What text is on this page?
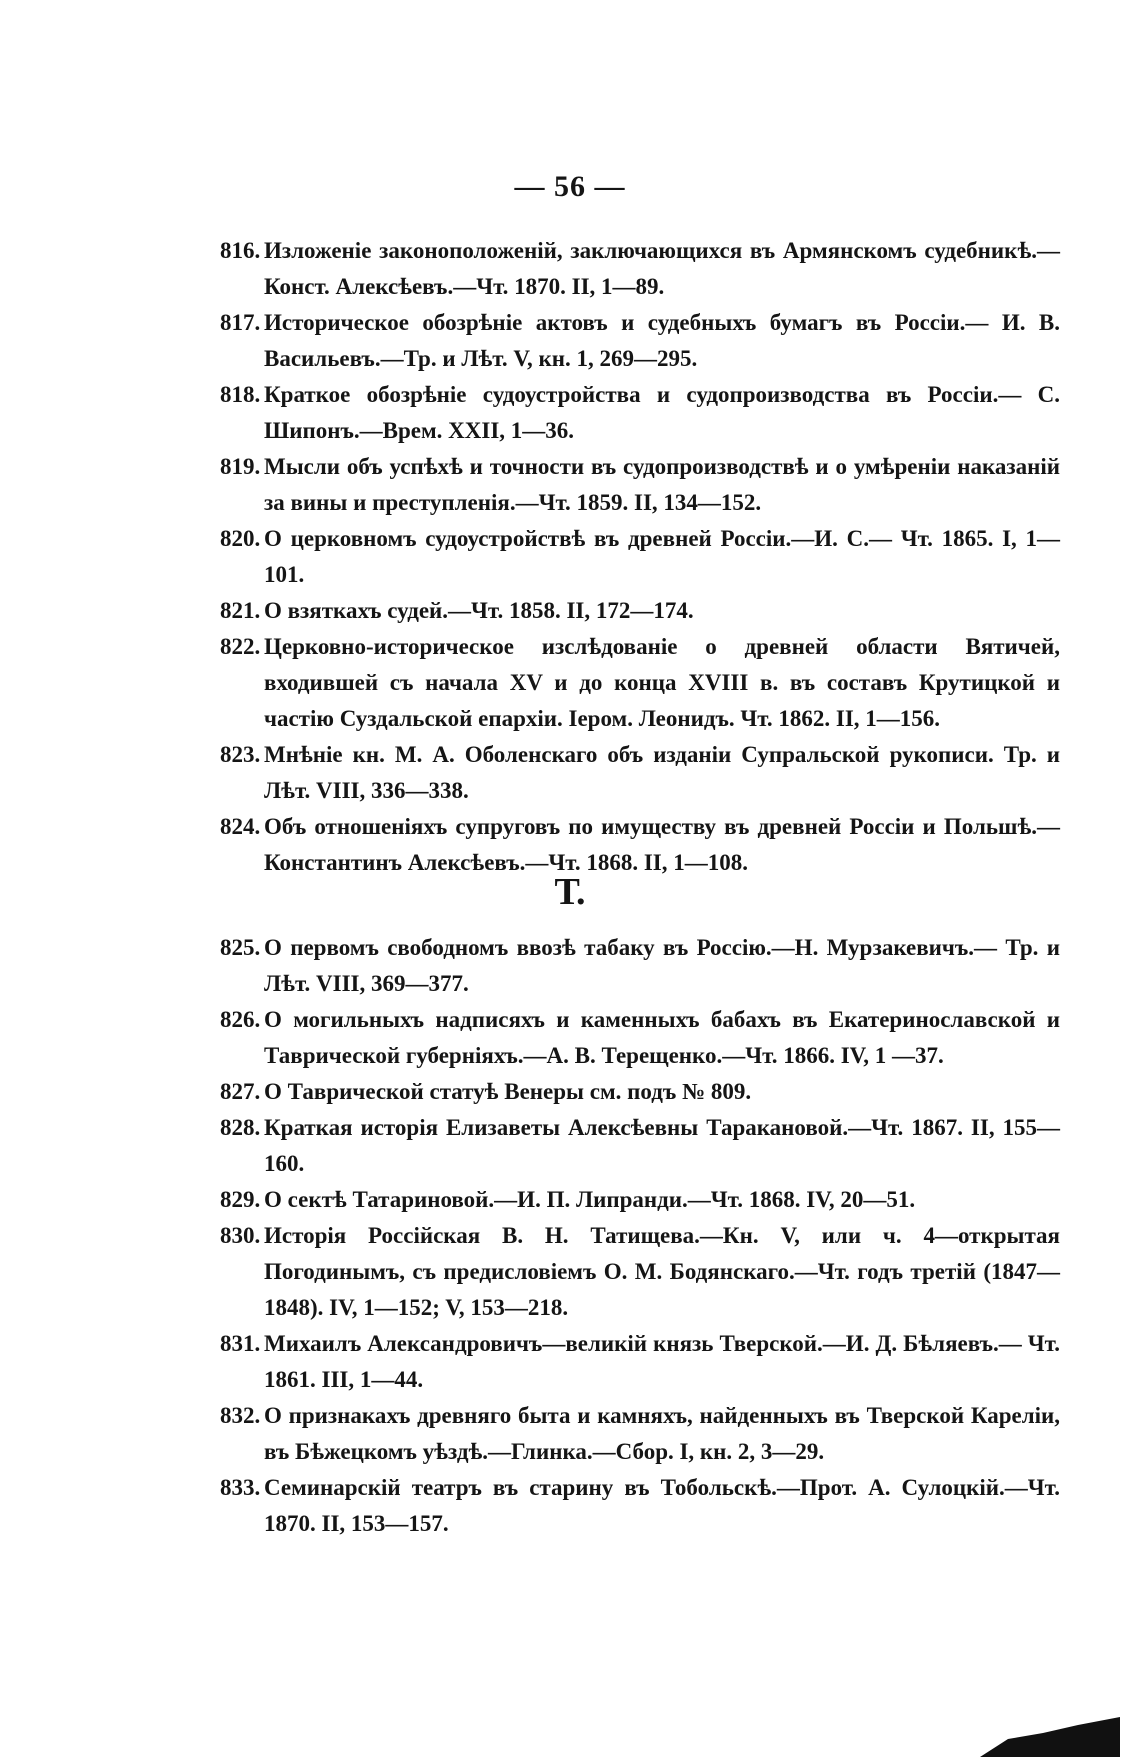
— 56 —
816. Изложеніе законоположеній, заключающихся въ Армянскомъ судебникѣ.—Конст. Алексѣевъ.—Чт. 1870. II, 1—89.
817. Историческое обозрѣніе актовъ и судебныхъ бумагъ въ Россіи.— И. В. Васильевъ.—Тр. и Лѣт. V, кн. 1, 269—295.
818. Краткое обозрѣніе судоустройства и судопроизводства въ Россіи.— С. Шипонъ.—Врем. XXII, 1—36.
819. Мысли объ успѣхѣ и точности въ судопроизводствѣ и о умѣреніи наказаній за вины и преступленія.—Чт. 1859. II, 134—152.
820. О церковномъ судоустройствѣ въ древней Россіи.—И. С.— Чт. 1865. I, 1—101.
821. О взяткахъ судей.—Чт. 1858. II, 172—174.
822. Церковно-историческое изслѣдованіе о древней области Вятичей, входившей съ начала XV и до конца XVIII в. въ составъ Крутицкой и частію Суздальской епархіи. Іером. Леонидъ. Чт. 1862. II, 1—156.
823. Мнѣніе кн. М. А. Оболенскаго объ изданіи Супральской рукописи. Тр. и Лѣт. VIII, 336—338.
824. Объ отношеніяхъ супруговъ по имуществу въ древней Россіи и Польшѣ.—Константинъ Алексѣевъ.—Чт. 1868. II, 1—108.
Т.
825. О первомъ свободномъ ввозѣ табаку въ Россію.—Н. Мурзакевичъ.— Тр. и Лѣт. VIII, 369—377.
826. О могильныхъ надписяхъ и каменныхъ бабахъ въ Екатеринославской и Таврической губерніяхъ.—А. В. Терещенко.—Чт. 1866. IV, 1 —37.
827. О Таврической статуѣ Венеры см. подъ № 809.
828. Краткая исторія Елизаветы Алексѣевны Таракановой.—Чт. 1867. II, 155—160.
829. О сектѣ Татариновой.—И. П. Липранди.—Чт. 1868. IV, 20—51.
830. Исторія Россійская В. Н. Татищева.—Кн. V, или ч. 4—открытая Погодинымъ, съ предисловіемъ О. М. Бодянскаго.—Чт. годъ третій (1847—1848). IV, 1—152; V, 153—218.
831. Михаилъ Александровичъ—великій князь Тверской.—И. Д. Бѣляевъ.— Чт. 1861. III, 1—44.
832. О признакахъ древняго быта и камняхъ, найденныхъ въ Тверской Кареліи, въ Бѣжецкомъ уѣздѣ.—Глинка.—Сбор. I, кн. 2, 3—29.
833. Семинарскій театръ въ старину въ Тобольскѣ.—Прот. А. Сулоцкій.—Чт. 1870. II, 153—157.
